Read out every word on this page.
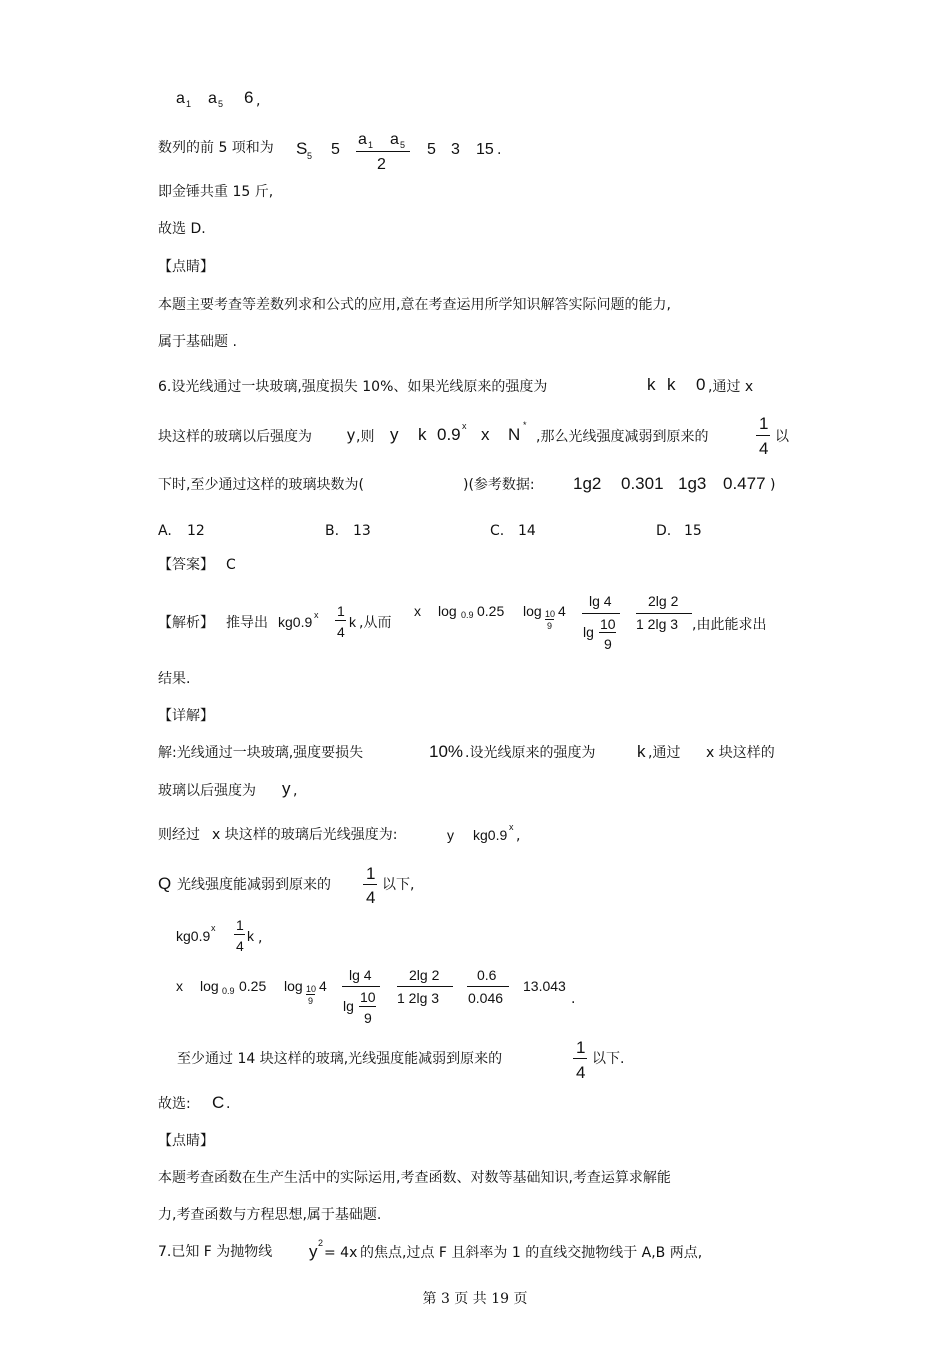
a 1 a 5 6 ,
数列的前 5 项和为 S 5 5
a 1 a 5
2
5 3 15 .
即金锤共重 15 斤,
故选 D.
【点睛】
本题主要考查等差数列求和公式的应用,意在考查运用所学知识解答实际问题的能力,
属于基础题 .
6.设光线通过一块玻璃,强度损失 10%、如果光线原来的强度为	k k 0 ,通过 x
块这样的玻璃以后强度为 y ,则 y k 0.9 x x N *
,那么光线强度减弱到原来的
1
4
以
下时,至少通过这样的玻璃块数为(	)(参考数据: 1g2 0.301 1g3 0.477 )
A. 12	B. 13	C. 14	D. 15
【答案】 C
【解析】 推导出 kg0.9 x 1
4
k ,从而
x log 0.9 0.25 log 10
9
4
lg 4
lg 10
9
2lg 2
1 2lg 3 ,由此能求出
结果.
【详解】
解:光线通过一块玻璃,强度要损失	10% .设光线原来的强度为 k ,通过 x 块这样的
玻璃以后强度为 y ,
则经过 x 块这样的玻璃后光线强度为:	y kg0.9 x
,
Q 光线强度能减弱到原来的
1
4
以下,
kg0.9 x 1
4
k ,
x log 0.9 0.25 log 10
9
4
lg 4
lg
10
9
2lg 2
1 2lg 3
0.6
0.046
13.043
.
至少通过 14 块这样的玻璃,光线强度能减弱到原来的
1
4
以下.
故选: C .
【点睛】
本题考查函数在生产生活中的实际运用,考查函数、对数等基础知识,考查运算求解能
力,考查函数与方程思想,属于基础题.
7.已知 F 为抛物线 y 2
= 4x 的焦点,过点 F 且斜率为 1 的直线交抛物线于 A,B 两点,
第 3 页 共 19 页
